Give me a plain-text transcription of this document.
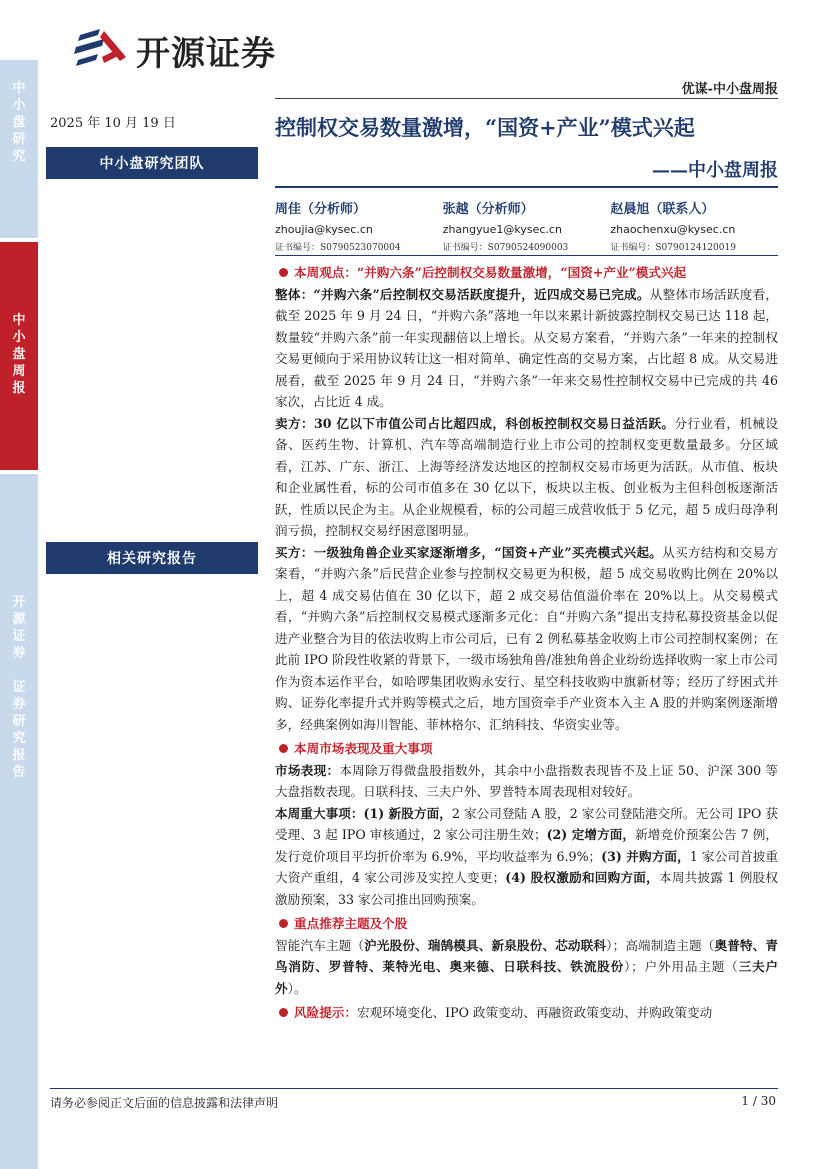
开源证券
优谋-中小盘周报
中
小
盘
研
究
中
小
盘
周
报
开
源
证
券

证
券
研
究
报
告
2025 年 10 月 19 日
中小盘研究团队
相关研究报告
控制权交易数量激增，“国资+产业”模式兴起
——中小盘周报
周佳（分析师）
zhoujia@kysec.cn
证书编号：S0790523070004
张越（分析师）
zhangyue1@kysec.cn
证书编号：S0790524090003
赵晨旭（联系人）
zhaochenxu@kysec.cn
证书编号：S0790124120019
本周观点：“并购六条”后控制权交易数量激增，“国资+产业”模式兴起

整体：“并购六条”后控制权交易活跃度提升，近四成交易已完成。从整体市场活跃度看，截至 2025 年 9 月 24 日，“并购六条”落地一年以来累计新披露控制权交易已达 118 起，数量较“并购六条”前一年实现翻倍以上增长。从交易方案看，“并购六条”一年来的控制权交易更倾向于采用协议转让这一相对简单、确定性高的交易方案，占比超 8 成。从交易进展看，截至 2025 年 9 月 24 日，“并购六条”一年来交易性控制权交易中已完成的共 46 家次，占比近 4 成。

卖方：30 亿以下市值公司占比超四成，科创板控制权交易日益活跃。分行业看，机械设备、医药生物、计算机、汽车等高端制造行业上市公司的控制权变更数量最多。分区域看，江苏、广东、浙江、上海等经济发达地区的控制权交易市场更为活跃。从市值、板块和企业属性看，标的公司市值多在 30 亿以下，板块以主板、创业板为主但科创板逐渐活跃，性质以民企为主。从企业规模看，标的公司超三成营收低于 5 亿元，超 5 成归母净利润亏损，控制权交易纾困意图明显。

买方：一级独角兽企业买家逐渐增多，“国资+产业”买壳模式兴起。从买方结构和交易方案看，“并购六条”后民营企业参与控制权交易更为积极，超 5 成交易收购比例在 20%以上，超 4 成交易估值在 30 亿以下，超 2 成交易估值溢价率在 20%以上。从交易模式看，“并购六条”后控制权交易模式逐渐多元化：自“并购六条”提出支持私募投资基金以促进产业整合为目的依法收购上市公司后，已有 2 例私募基金收购上市公司控制权案例；在此前 IPO 阶段性收紧的背景下，一级市场独角兽/准独角兽企业纷纷选择收购一家上市公司作为资本运作平台，如哈啰集团收购永安行、星空科技收购中旗新材等；经历了纾困式并购、证券化率提升式并购等模式之后，地方国资牵手产业资本入主 A 股的并购案例逐渐增多，经典案例如海川智能、菲林格尔、汇纳科技、华资实业等。

本周市场表现及重大事项

市场表现：本周除万得微盘股指数外，其余中小盘指数表现皆不及上证 50、沪深 300 等大盘指数表现。日联科技、三夫户外、罗普特本周表现相对较好。

本周重大事项：(1) 新股方面，2 家公司登陆 A 股，2 家公司登陆港交所。无公司 IPO 获受理、3 起 IPO 审核通过，2 家公司注册生效；(2) 定增方面，新增竞价预案公告 7 例，发行竞价项目平均折价率为 6.9%，平均收益率为 6.9%；(3) 并购方面，1 家公司首披重大资产重组，4 家公司涉及实控人变更；(4) 股权激励和回购方面，本周共披露 1 例股权激励预案，33 家公司推出回购预案。

重点推荐主题及个股

智能汽车主题（沪光股份、瑞鹄模具、新泉股份、芯动联科）；高端制造主题（奥普特、青鸟消防、罗普特、莱特光电、奥来德、日联科技、铁流股份）；户外用品主题（三夫户外）。

风险提示： 宏观环境变化、IPO 政策变动、再融资政策变动、并购政策变动
请务必参阅正文后面的信息披露和法律声明	1 / 30
